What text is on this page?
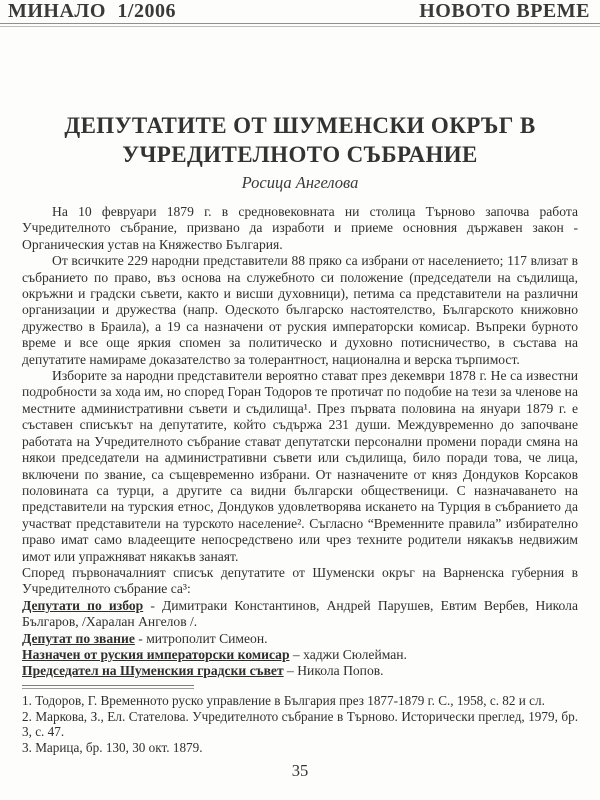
МИНАЛО 1/2006	НОВОТО ВРЕМЕ
ДЕПУТАТИТЕ ОТ ШУМЕНСКИ ОКРЪГ В УЧРЕДИТЕЛНОТО СЪБРАНИЕ
Росица Ангелова

На 10 февруари 1879 г. в средновековната ни столица Търново започва работа Учредителното събрание, призвано да изработи и приеме основния държавен закон - Органическия устав на Княжество България.

От всичките 229 народни представители 88 пряко са избрани от населението; 117 влизат в събранието по право, въз основа на служебното си положение (председатели на съдилища, окръжни и градски съвети, както и висши духовници), петима са представители на различни организации и дружества (напр. Одеското българско настоятелство, Българското книжовно дружество в Браила), а 19 са назначени от руския императорски комисар. Въпреки бурното време и все още яркия спомен за политическо и духовно потисничество, в състава на депутатите намираме доказателство за толерантност, национална и верска търпимост.

Изборите за народни представители вероятно стават през декември 1878 г. Не са известни подробности за хода им, но според Горан Тодоров те протичат по подобие на тези за членове на местните административни съвети и съдилища¹. През първата половина на януари 1879 г. е съставен списъкът на депутатите, който съдържа 231 души. Междувременно до започване работата на Учредителното събрание стават депутатски персонални промени поради смяна на някои председатели на административни съвети или съдилища, било поради това, че лица, включени по звание, са същевременно избрани. От назначените от княз Дондуков Корсаков половината са турци, а другите са видни български общественици. С назначаването на представители на турския етнос, Дондуков удовлетворява искането на Турция в събранието да участват представители на турското население². Съгласно “Временните правила” избирателно право имат само владеещите непосредствено или чрез техните родители някакъв недвижим имот или упражняват някакъв занаят.

Според първоначалният списък депутатите от Шуменски окръг на Варненска губерния в Учредителното събрание са³:

Депутати по избор - Димитраки Константинов, Андрей Парушев, Евтим Вербев, Никола Българов, /Харалан Ангелов /.

Депутат по звание - митрополит Симеон.

Назначен от руския императорски комисар – хаджи Сюлейман.

Председател на Шуменския градски съвет – Никола Попов.

1. Тодоров, Г. Временното руско управление в България през 1877-1879 г. С., 1958, с. 82 и сл.

2. Маркова, З., Ел. Стателова. Учредителното събрание в Търново. Исторически преглед, 1979, бр. 3, с. 47.

3. Марица, бр. 130, 30 окт. 1879.

35
